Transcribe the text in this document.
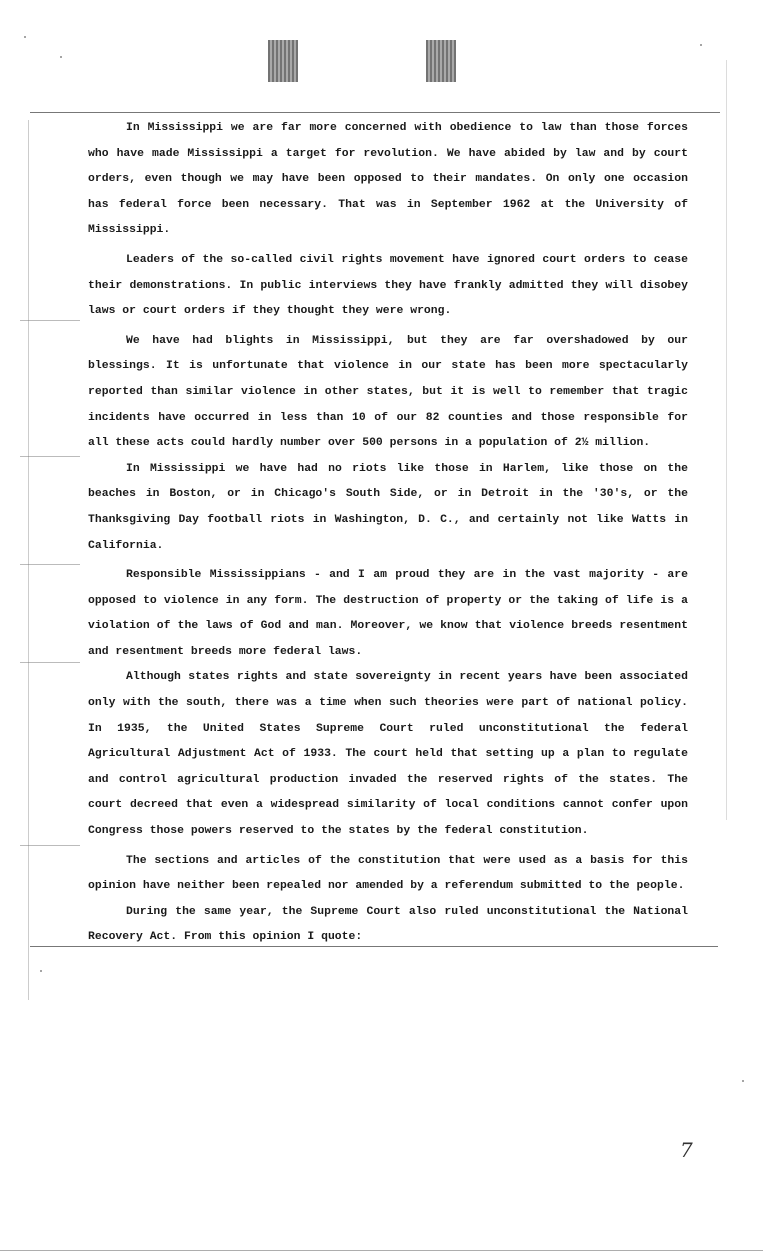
In Mississippi we are far more concerned with obedience to law than those forces who have made Mississippi a target for revolution. We have abided by law and by court orders, even though we may have been opposed to their mandates. On only one occasion has federal force been necessary. That was in September 1962 at the University of Mississippi.

Leaders of the so-called civil rights movement have ignored court orders to cease their demonstrations. In public interviews they have frankly admitted they will disobey laws or court orders if they thought they were wrong.

We have had blights in Mississippi, but they are far overshadowed by our blessings. It is unfortunate that violence in our state has been more spectacularly reported than similar violence in other states, but it is well to remember that tragic incidents have occurred in less than 10 of our 82 counties and those responsible for all these acts could hardly number over 500 persons in a population of 2½ million.

In Mississippi we have had no riots like those in Harlem, like those on the beaches in Boston, or in Chicago's South Side, or in Detroit in the '30's, or the Thanksgiving Day football riots in Washington, D. C., and certainly not like Watts in California.

Responsible Mississippians - and I am proud they are in the vast majority - are opposed to violence in any form. The destruction of property or the taking of life is a violation of the laws of God and man. Moreover, we know that violence breeds resentment and resentment breeds more federal laws.

Although states rights and state sovereignty in recent years have been associated only with the south, there was a time when such theories were part of national policy. In 1935, the United States Supreme Court ruled unconstitutional the federal Agricultural Adjustment Act of 1933. The court held that setting up a plan to regulate and control agricultural production invaded the reserved rights of the states. The court decreed that even a widespread similarity of local conditions cannot confer upon Congress those powers reserved to the states by the federal constitution.

The sections and articles of the constitution that were used as a basis for this opinion have neither been repealed nor amended by a referendum submitted to the people.

During the same year, the Supreme Court also ruled unconstitutional the National Recovery Act. From this opinion I quote:

7
